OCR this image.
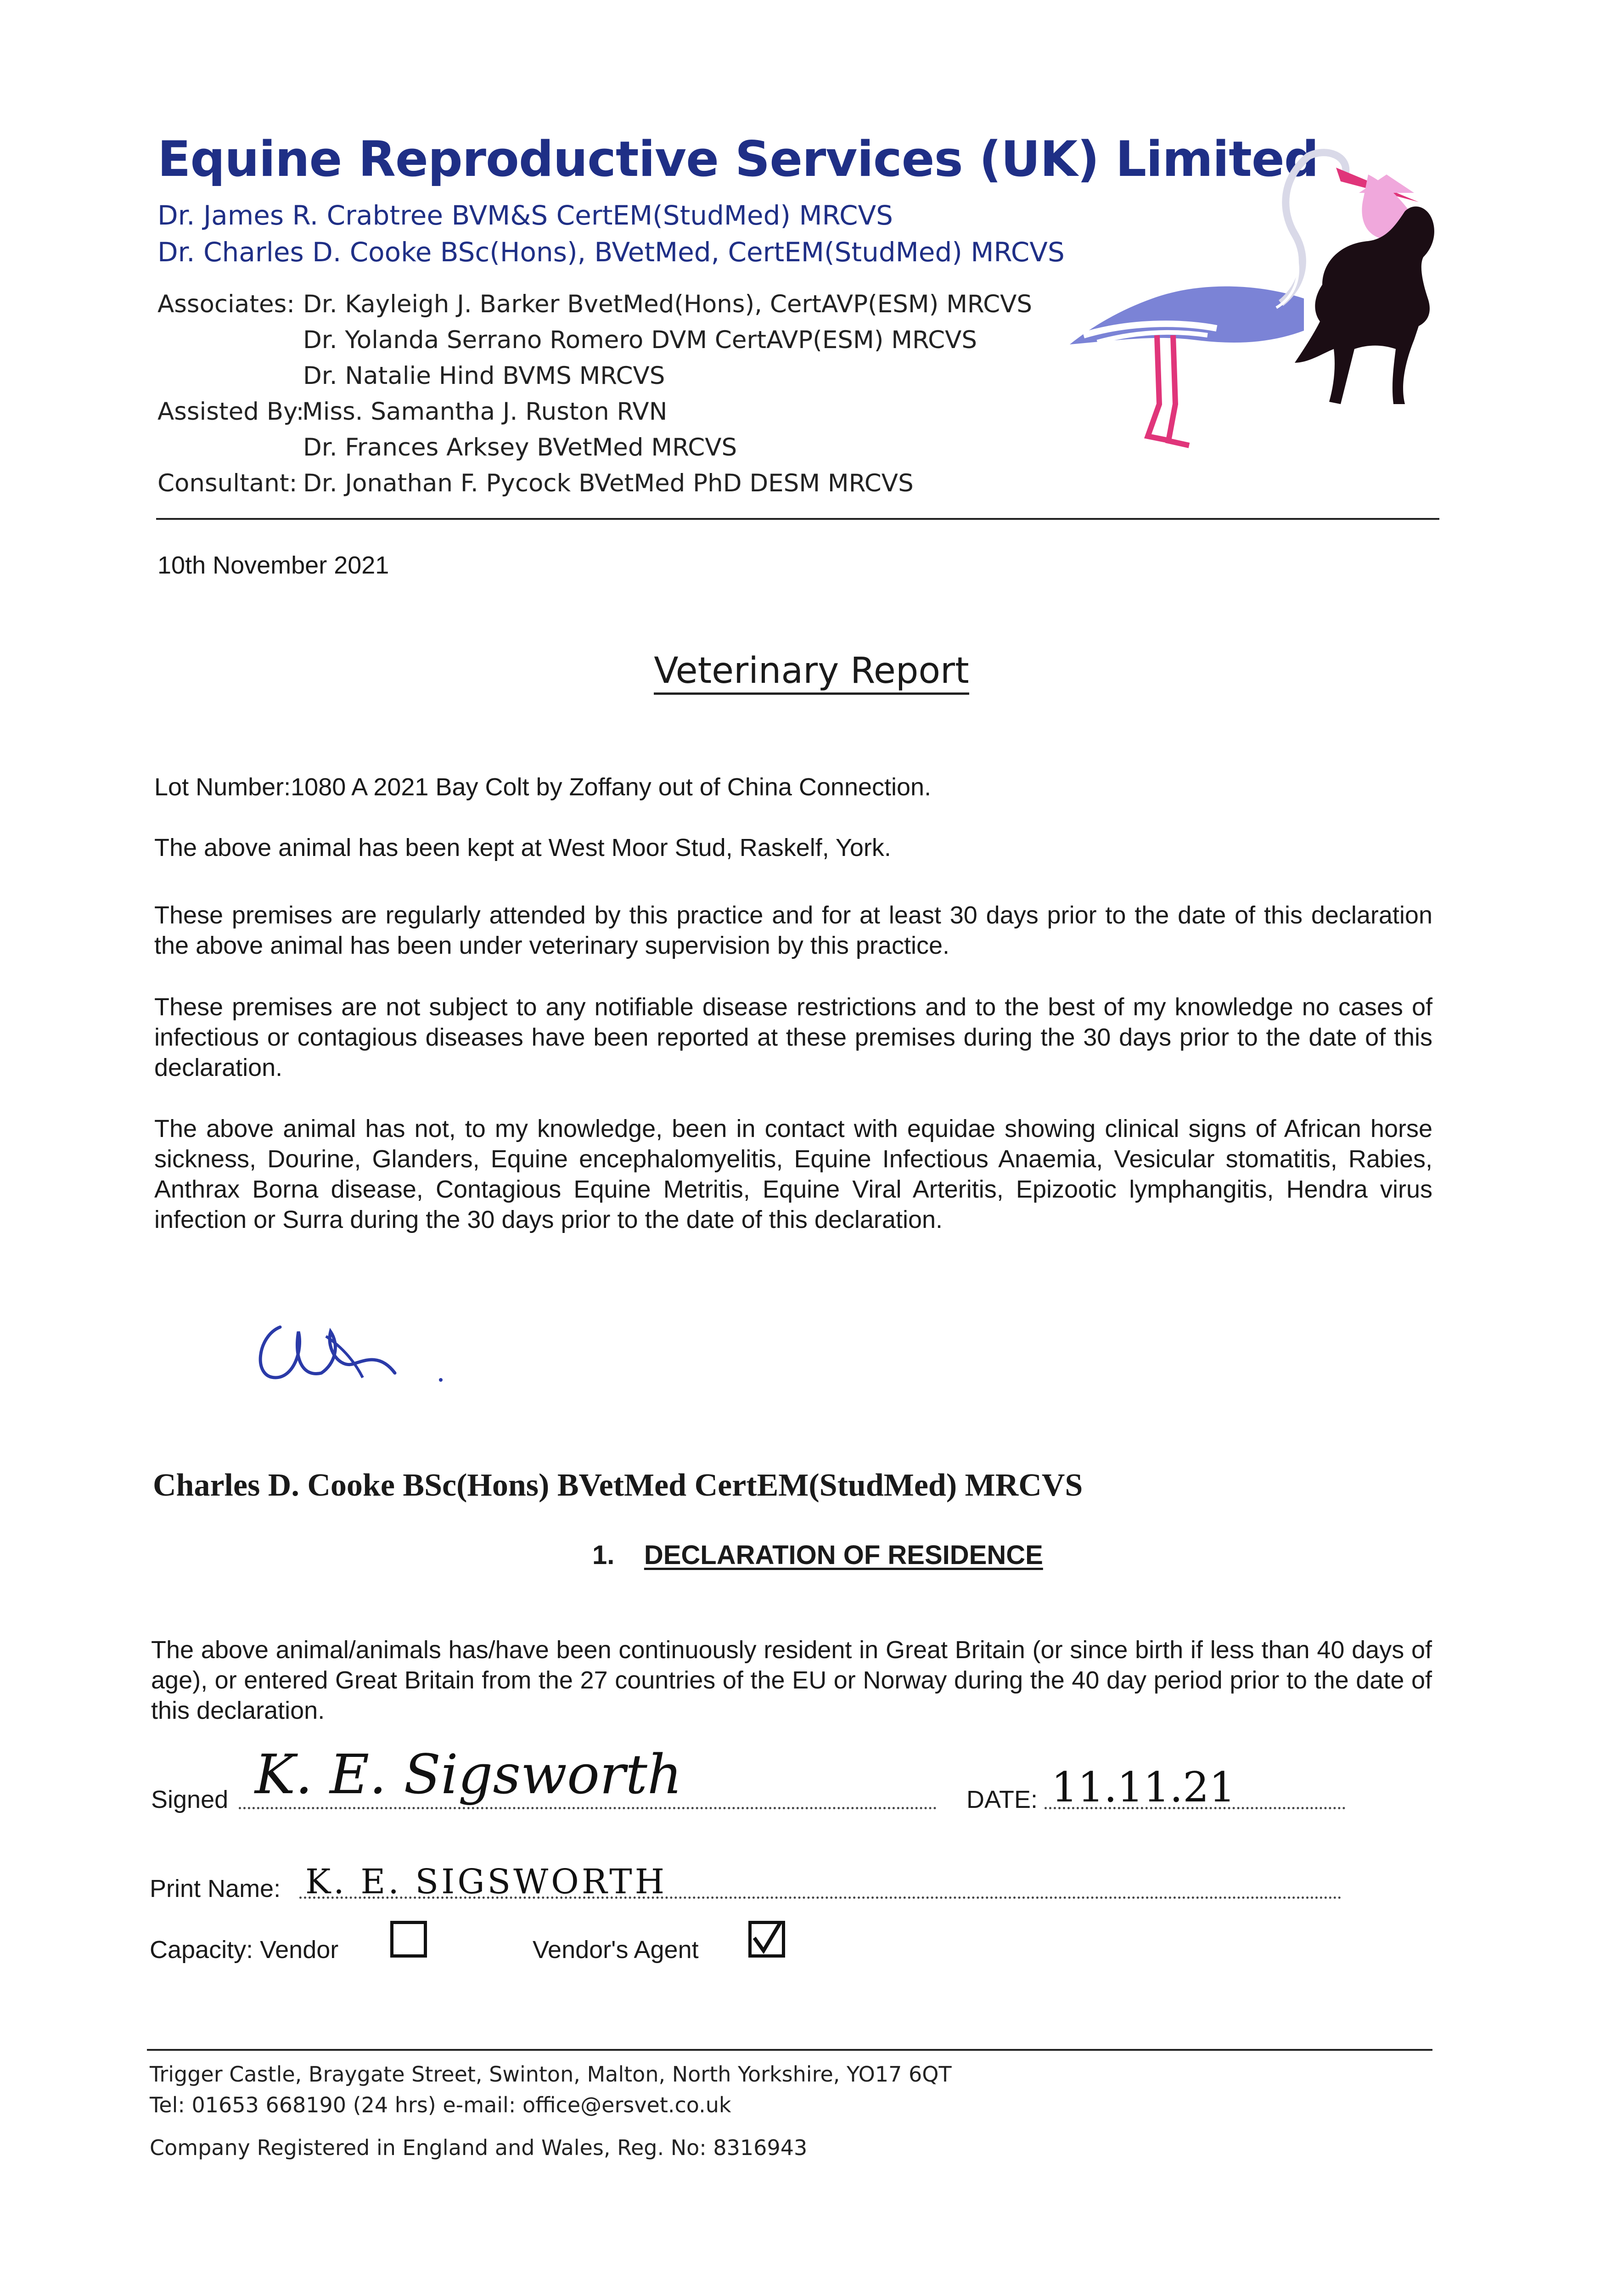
Equine Reproductive Services (UK) Limited
Dr. James R. Crabtree BVM&S CertEM(StudMed) MRCVS
Dr. Charles D. Cooke BSc(Hons), BVetMed, CertEM(StudMed) MRCVS
Associates: Dr. Kayleigh J. Barker BvetMed(Hons), CertAVP(ESM) MRCVS
Dr. Yolanda Serrano Romero DVM CertAVP(ESM) MRCVS
Dr. Natalie Hind BVMS MRCVS
Assisted By:
Miss. Samantha J. Ruston RVN
Dr. Frances Arksey BVetMed MRCVS
Consultant: Dr. Jonathan F. Pycock BVetMed PhD DESM MRCVS
10th November 2021
Veterinary Report
Lot Number:1080 A 2021 Bay Colt by Zoffany out of China Connection.
The above animal has been kept at West Moor Stud, Raskelf, York.
These premises are regularly attended by this practice and for at least 30 days prior to the date of this declaration the above animal has been under veterinary supervision by this practice.
These premises are not subject to any notifiable disease restrictions and to the best of my knowledge no cases of infectious or contagious diseases have been reported at these premises during the 30 days prior to the date of this declaration.
The above animal has not, to my knowledge, been in contact with equidae showing clinical signs of African horse sickness, Dourine, Glanders, Equine encephalomyelitis, Equine Infectious Anaemia, Vesicular stomatitis, Rabies, Anthrax Borna disease, Contagious Equine Metritis, Equine Viral Arteritis, Epizootic lymphangitis, Hendra virus infection or Surra during the 30 days prior to the date of this declaration.
Charles D. Cooke BSc(Hons) BVetMed CertEM(StudMed) MRCVS
1. DECLARATION OF RESIDENCE
The above animal/animals has/have been continuously resident in Great Britain (or since birth if less than 40 days of age), or entered Great Britain from the 27 countries of the EU or Norway during the 40 day period prior to the date of this declaration.
Signed K. E. Sigsworth	DATE: 11.11.21
Print Name: K. E. SIGSWORTH
Capacity: Vendor	Vendor's Agent
Trigger Castle, Braygate Street, Swinton, Malton, North Yorkshire, YO17 6QT
Tel: 01653 668190 (24 hrs) e-mail: office@ersvet.co.uk
Company Registered in England and Wales, Reg. No: 8316943
